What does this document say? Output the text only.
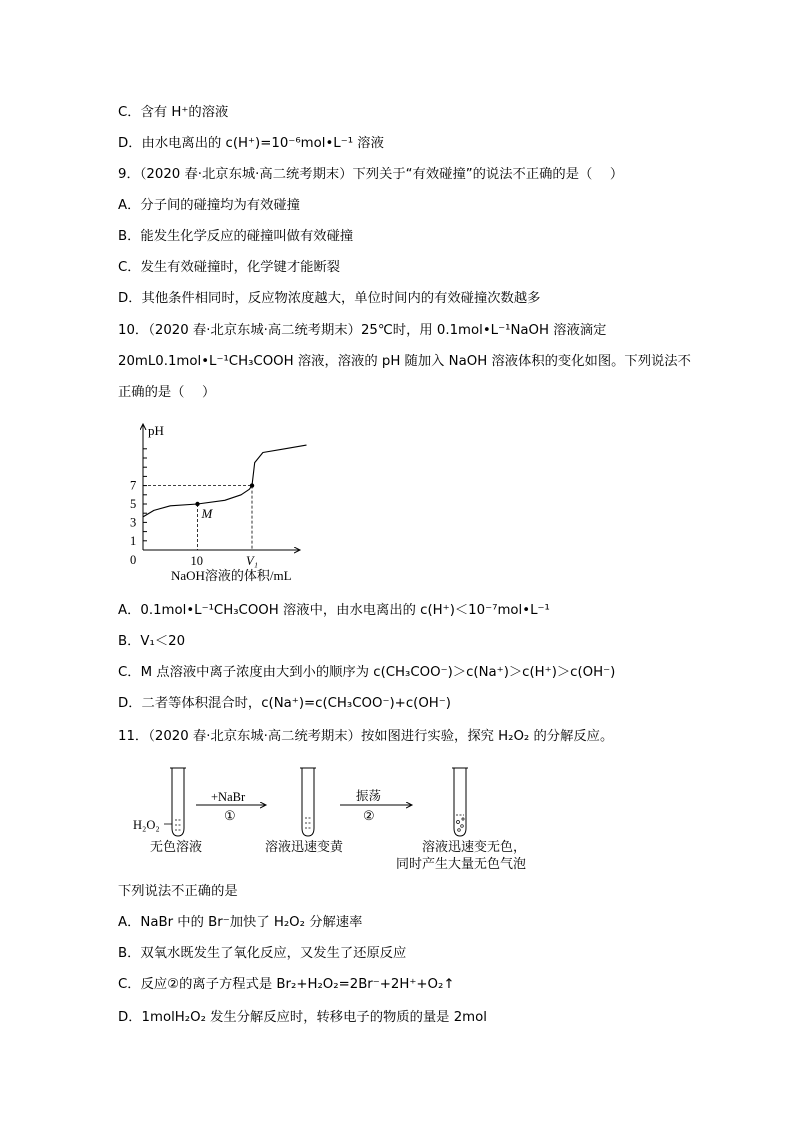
C．含有 H⁺的溶液
D．由水电离出的 c(H⁺)=10⁻⁶mol•L⁻¹ 溶液
9．（2020 春·北京东城·高二统考期末）下列关于“有效碰撞”的说法不正确的是（　 ）
A．分子间的碰撞均为有效碰撞
B．能发生化学反应的碰撞叫做有效碰撞
C．发生有效碰撞时，化学键才能断裂
D．其他条件相同时，反应物浓度越大，单位时间内的有效碰撞次数越多
10．（2020 春·北京东城·高二统考期末）25℃时，用 0.1mol•L⁻¹NaOH 溶液滴定
20mL0.1mol•L⁻¹CH₃COOH 溶液，溶液的 pH 随加入 NaOH 溶液体积的变化如图。下列说法不
正确的是（　 ）
1
3
5
7
pH
0	10	V₁
NaOH溶液的体积/mL
M
A．0.1mol•L⁻¹CH₃COOH 溶液中，由水电离出的 c(H⁺)＜10⁻⁷mol•L⁻¹
B．V₁＜20
C．M 点溶液中离子浓度由大到小的顺序为 c(CH₃COO⁻)＞c(Na⁺)＞c(H⁺)＞c(OH⁻)
D．二者等体积混合时，c(Na⁺)=c(CH₃COO⁻)+c(OH⁻)
11．（2020 春·北京东城·高二统考期末）按如图进行实验，探究 H₂O₂ 的分解反应。
H₂O₂
+NaBr
①
振荡
②
无色溶液	溶液迅速变黄	溶液迅速变无色，
同时产生大量无色气泡
下列说法不正确的是
A．NaBr 中的 Br⁻加快了 H₂O₂ 分解速率
B．双氧水既发生了氧化反应，又发生了还原反应
C．反应②的离子方程式是 Br₂+H₂O₂=2Br⁻+2H⁺+O₂↑
D．1molH₂O₂ 发生分解反应时，转移电子的物质的量是 2mol
